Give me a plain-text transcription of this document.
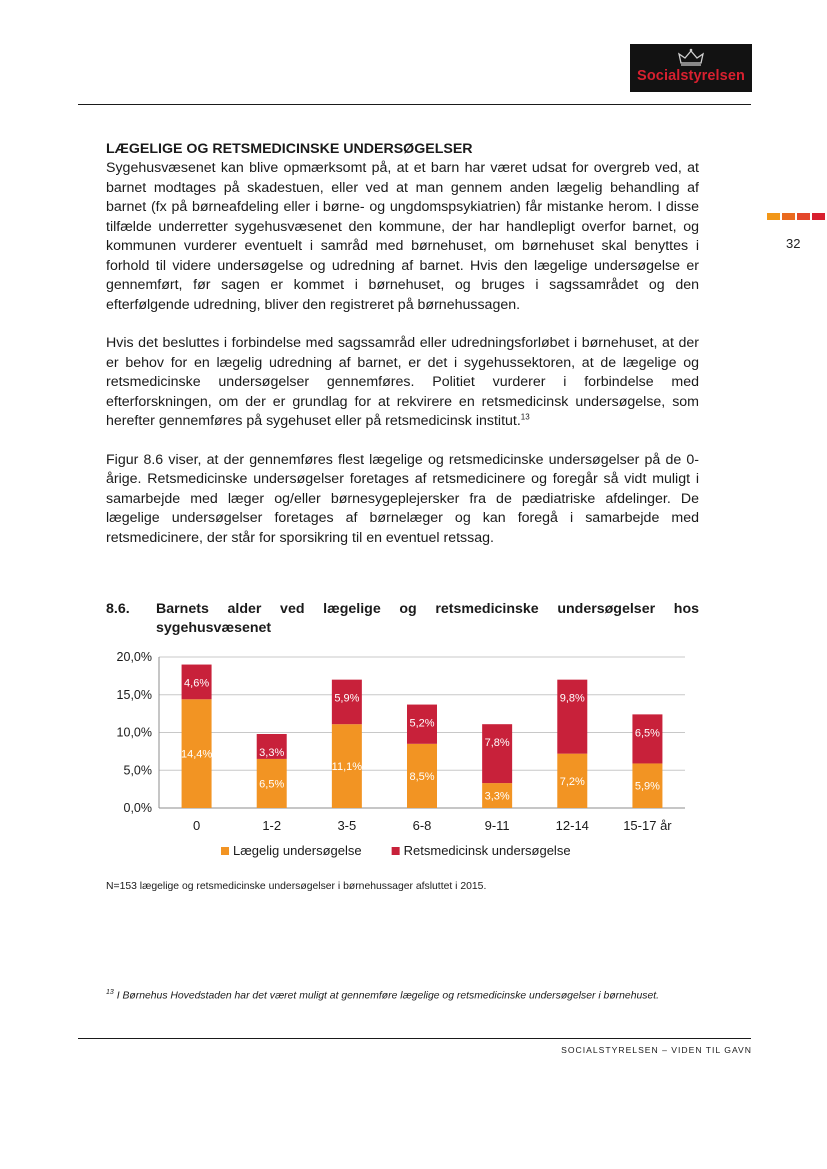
Socialstyrelsen
32

LÆGELIGE OG RETSMEDICINSKE UNDERSØGELSER

Sygehusvæsenet kan blive opmærksomt på, at et barn har været udsat for overgreb ved, at barnet modtages på skadestuen, eller ved at man gennem anden lægelig behandling af barnet (fx på børneafdeling eller i børne- og ungdomspsykiatrien) får mistanke herom. I disse tilfælde underretter sygehusvæsenet den kommune, der har handlepligt overfor barnet, og kommunen vurderer eventuelt i samråd med børnehuset, om børnehuset skal benyttes i forhold til videre undersøgelse og udredning af barnet. Hvis den lægelige undersøgelse er gennemført, før sagen er kommet i børnehuset, og bruges i sagssamrådet og den efterfølgende udredning, bliver den registreret på børnehussagen.

Hvis det besluttes i forbindelse med sagssamråd eller udredningsforløbet i børnehuset, at der er behov for en lægelig udredning af barnet, er det i sygehussektoren, at de lægelige og retsmedicinske undersøgelser gennemføres. Politiet vurderer i forbindelse med efterforskningen, om der er grundlag for at rekvirere en retsmedicinsk undersøgelse, som herefter gennemføres på sygehuset eller på retsmedicinsk institut.$^{13}$

Figur 8.6 viser, at der gennemføres flest lægelige og retsmedicinske undersøgelser på de 0-årige. Retsmedicinske undersøgelser foretages af retsmedicinere og foregår så vidt muligt i samarbejde med læger og/eller børnesygeplejersker fra de pædiatriske afdelinger. De lægelige undersøgelser foretages af børnelæger og kan foregå i samarbejde med retsmedicinere, der står for sporsikring til en eventuel retssag.

8.6. Barnets alder ved lægelige og retsmedicinske undersøgelser hos sygehusvæsenet
0,0%
5,0%
10,0%
15,0%
20,0%
14,4%
4,6%
0
6,5%
3,3%
1-2
11,1%
5,9%
3-5
8,5%
5,2%
6-8
3,3%
7,8%
9-11
7,2%
9,8%
12-14
5,9%
6,5%
15-17 år
Lægelig undersøgelse	Retsmedicinsk undersøgelse
N=153 lægelige og retsmedicinske undersøgelser i børnehussager afsluttet i 2015.
$^{13}$ I Børnehus Hovedstaden har det været muligt at gennemføre lægelige og retsmedicinske undersøgelser i børnehuset.
SOCIALSTYRELSEN – VIDEN TIL GAVN
